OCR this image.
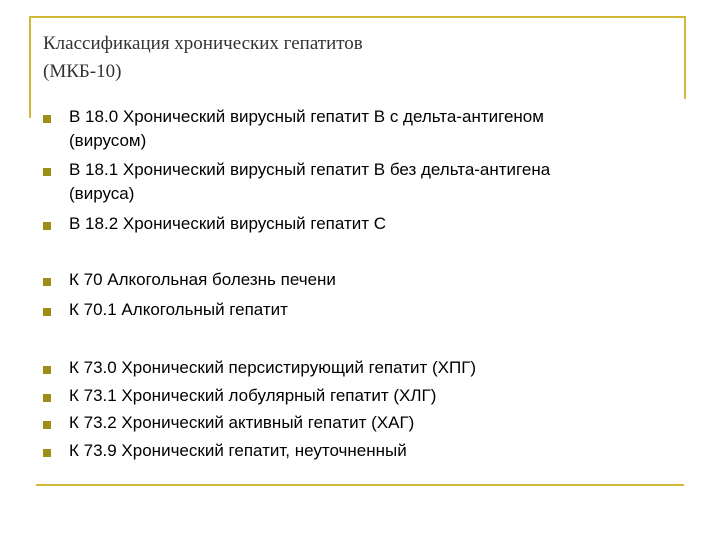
Классификация хронических гепатитов
(МКБ-10)
В 18.0 Хронический вирусный гепатит В с дельта-антигеном
(вирусом)
В 18.1 Хронический вирусный гепатит В без дельта-антигена
(вируса)
В 18.2 Хронический вирусный гепатит С
К 70 Алкогольная болезнь печени
К 70.1 Алкогольный гепатит
К 73.0 Хронический персистирующий гепатит (ХПГ)
К 73.1 Хронический лобулярный гепатит (ХЛГ)
К 73.2 Хронический активный гепатит (ХАГ)
К 73.9 Хронический гепатит, неуточненный
